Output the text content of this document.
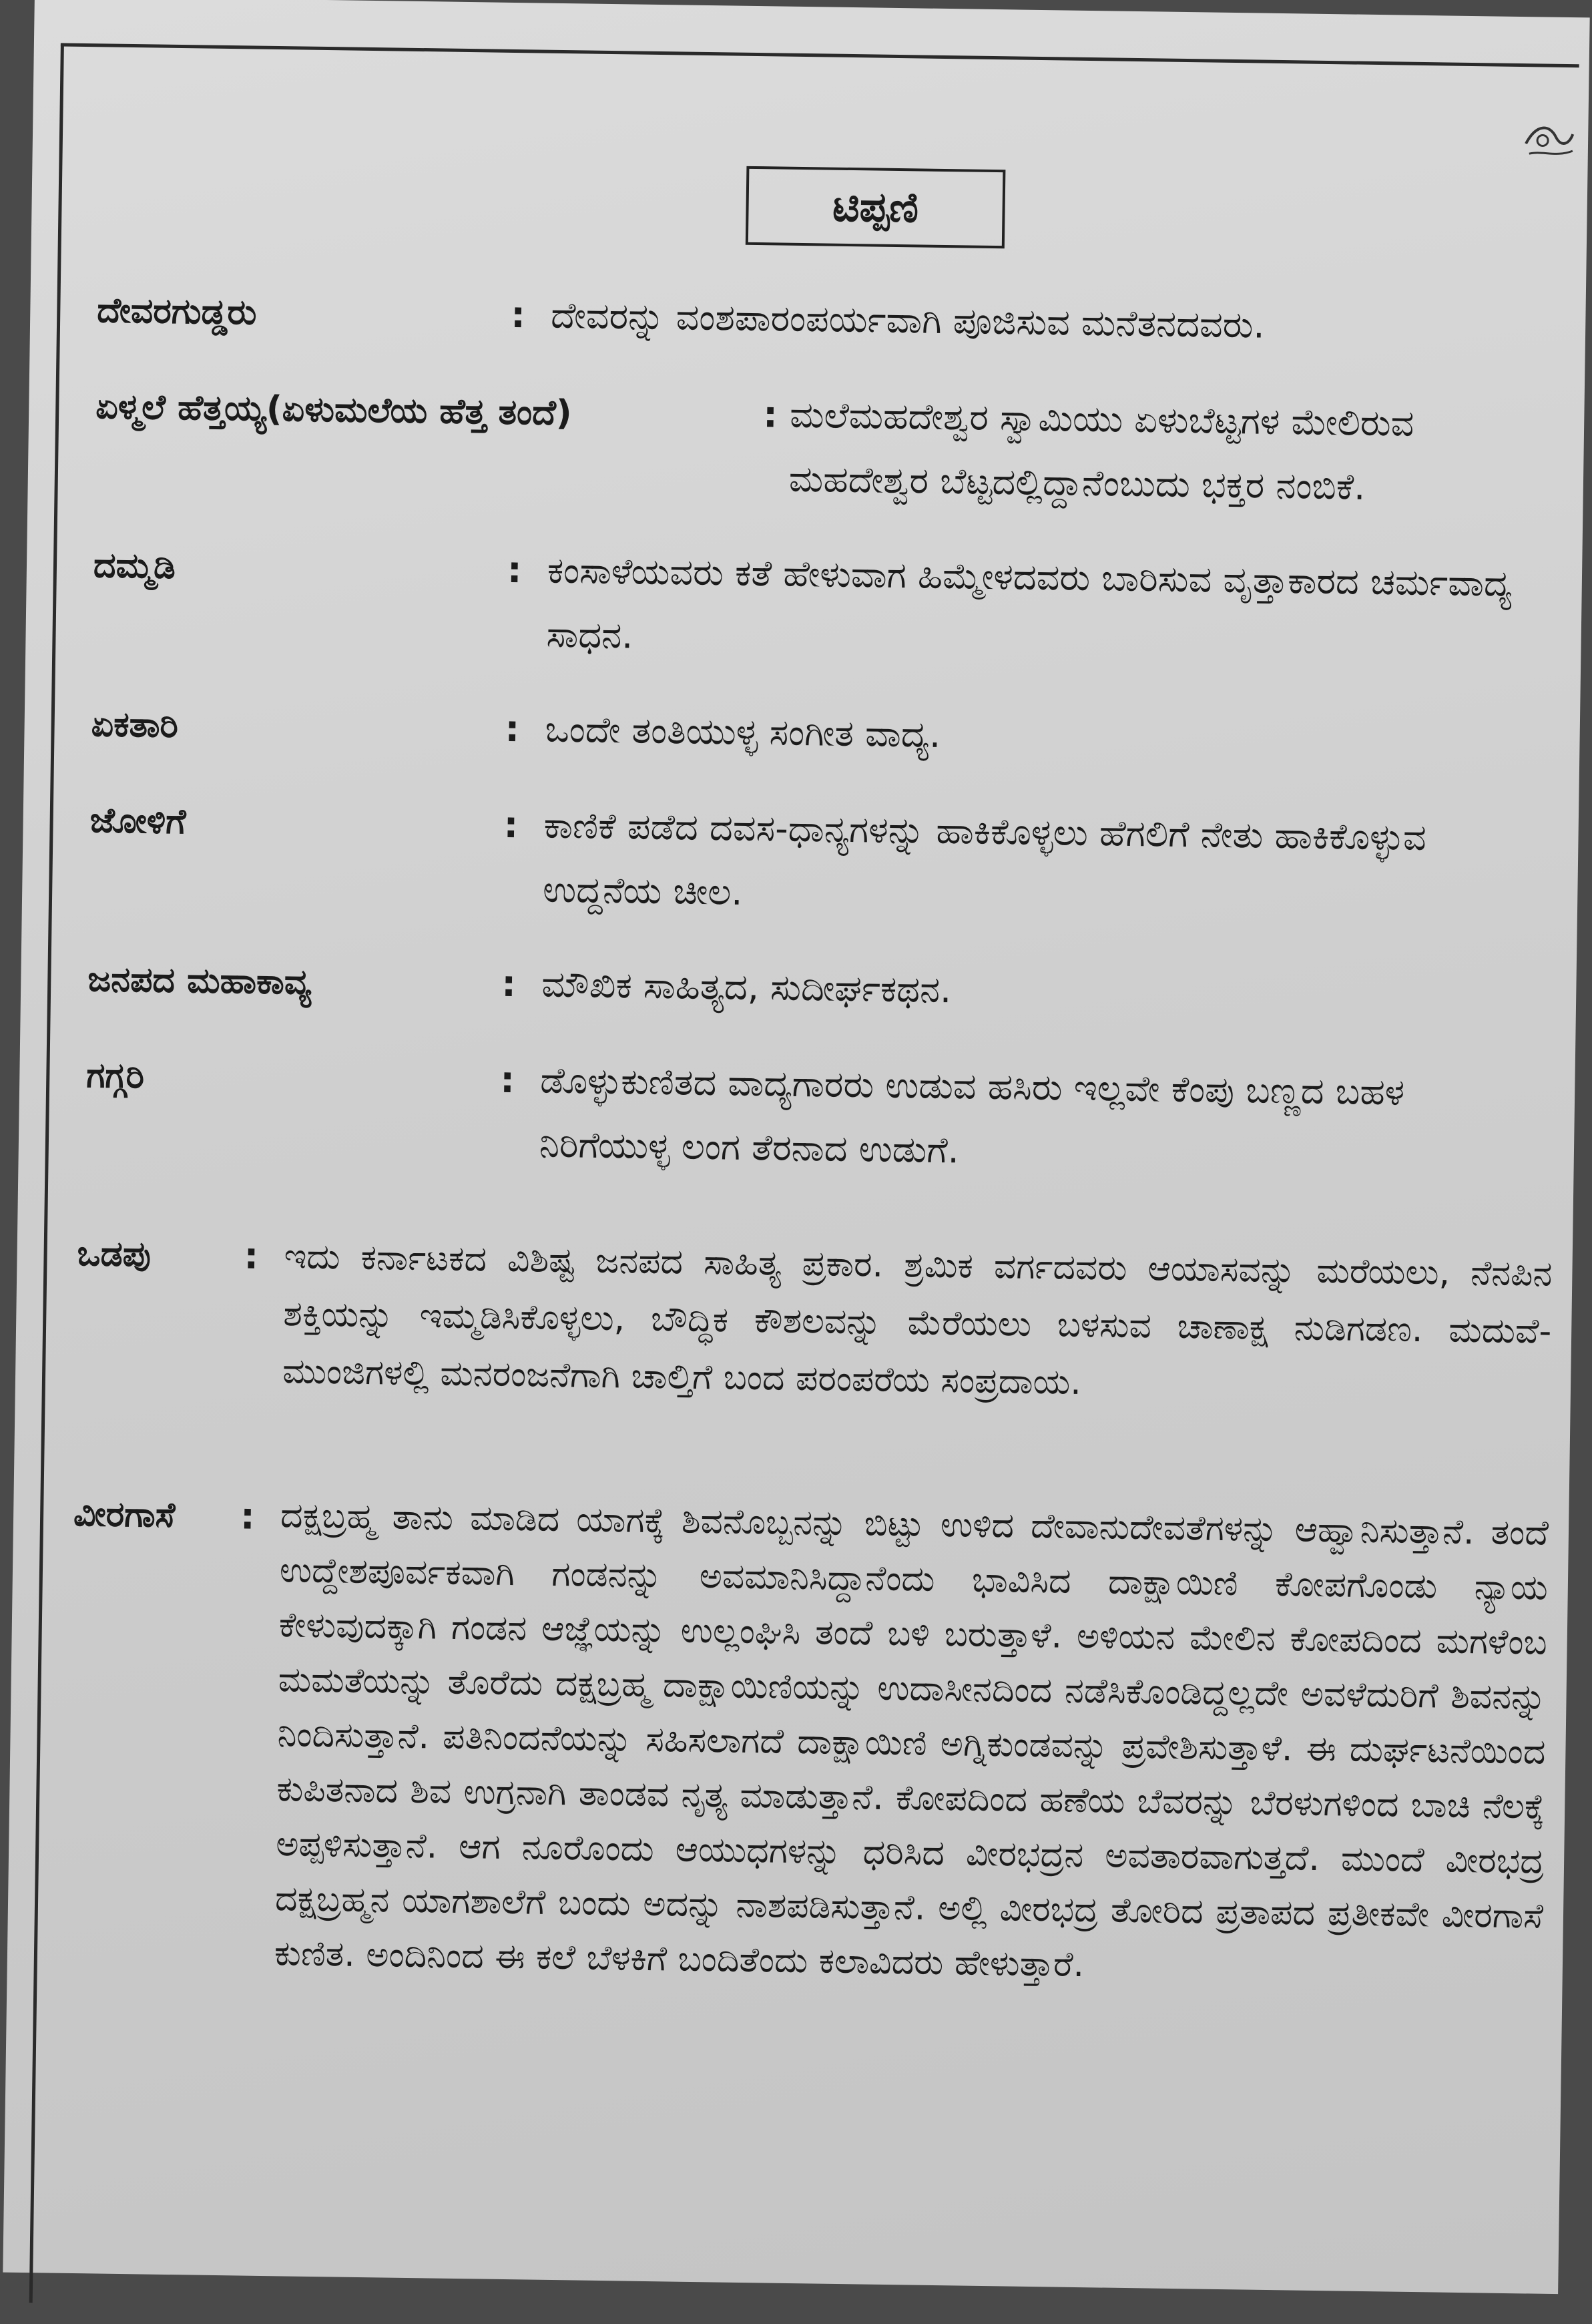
ಟಿಪ್ಪಣಿ
ದೇವರಗುಡ್ಡರು	: ದೇವರನ್ನು ವಂಶಪಾರಂಪರ್ಯವಾಗಿ ಪೂಜಿಸುವ ಮನೆತನದವರು.
ಏಳ್ಮಲೆ ಹೆತ್ತಯ್ಯ(ಏಳುಮಲೆಯ ಹೆತ್ತ ತಂದೆ)	: ಮಲೆಮಹದೇಶ್ವರ ಸ್ವಾಮಿಯು ಏಳುಬೆಟ್ಟಗಳ ಮೇಲಿರುವ ಮಹದೇಶ್ವರ ಬೆಟ್ಟದಲ್ಲಿದ್ದಾನೆಂಬುದು ಭಕ್ತರ ನಂಬಿಕೆ.
ದಮ್ಮಡಿ	: ಕಂಸಾಳೆಯವರು ಕತೆ ಹೇಳುವಾಗ ಹಿಮ್ಮೇಳದವರು ಬಾರಿಸುವ ವೃತ್ತಾಕಾರದ ಚರ್ಮವಾದ್ಯ ಸಾಧನ.
ಏಕತಾರಿ	: ಒಂದೇ ತಂತಿಯುಳ್ಳ ಸಂಗೀತ ವಾದ್ಯ.
ಜೋಳಿಗೆ	: ಕಾಣಿಕೆ ಪಡೆದ ದವಸ-ಧಾನ್ಯಗಳನ್ನು ಹಾಕಿಕೊಳ್ಳಲು ಹೆಗಲಿಗೆ ನೇತು ಹಾಕಿಕೊಳ್ಳುವ ಉದ್ದನೆಯ ಚೀಲ.
ಜನಪದ ಮಹಾಕಾವ್ಯ	: ಮೌಖಿಕ ಸಾಹಿತ್ಯದ, ಸುದೀರ್ಘಕಥನ.
ಗಗ್ಗರಿ	: ಡೊಳ್ಳುಕುಣಿತದ ವಾದ್ಯಗಾರರು ಉಡುವ ಹಸಿರು ಇಲ್ಲವೇ ಕೆಂಪು ಬಣ್ಣದ ಬಹಳ ನಿರಿಗೆಯುಳ್ಳ ಲಂಗ ತೆರನಾದ ಉಡುಗೆ.
ಒಡಪು	: ಇದು ಕರ್ನಾಟಕದ ವಿಶಿಷ್ಟ ಜನಪದ ಸಾಹಿತ್ಯ ಪ್ರಕಾರ. ಶ್ರಮಿಕ ವರ್ಗದವರು ಆಯಾಸವನ್ನು ಮರೆಯಲು, ನೆನಪಿನ ಶಕ್ತಿಯನ್ನು ಇಮ್ಮಡಿಸಿಕೊಳ್ಳಲು, ಬೌದ್ಧಿಕ ಕೌಶಲವನ್ನು ಮೆರೆಯಲು ಬಳಸುವ ಚಾಣಾಕ್ಷ ನುಡಿಗಡಣ. ಮದುವೆ-ಮುಂಜಿಗಳಲ್ಲಿ ಮನರಂಜನೆಗಾಗಿ ಚಾಲ್ತಿಗೆ ಬಂದ ಪರಂಪರೆಯ ಸಂಪ್ರದಾಯ.
ವೀರಗಾಸೆ	: ದಕ್ಷಬ್ರಹ್ಮ ತಾನು ಮಾಡಿದ ಯಾಗಕ್ಕೆ ಶಿವನೊಬ್ಬನನ್ನು ಬಿಟ್ಟು ಉಳಿದ ದೇವಾನುದೇವತೆಗಳನ್ನು ಆಹ್ವಾನಿಸುತ್ತಾನೆ. ತಂದೆ ಉದ್ದೇಶಪೂರ್ವಕವಾಗಿ ಗಂಡನನ್ನು ಅವಮಾನಿಸಿದ್ದಾನೆಂದು ಭಾವಿಸಿದ ದಾಕ್ಷಾಯಿಣಿ ಕೋಪಗೊಂಡು ನ್ಯಾಯ ಕೇಳುವುದಕ್ಕಾಗಿ ಗಂಡನ ಆಜ್ಞೆಯನ್ನು ಉಲ್ಲಂಘಿಸಿ ತಂದೆ ಬಳಿ ಬರುತ್ತಾಳೆ. ಅಳಿಯನ ಮೇಲಿನ ಕೋಪದಿಂದ ಮಗಳೆಂಬ ಮಮತೆಯನ್ನು ತೊರೆದು ದಕ್ಷಬ್ರಹ್ಮ ದಾಕ್ಷಾಯಿಣಿಯನ್ನು ಉದಾಸೀನದಿಂದ ನಡೆಸಿಕೊಂಡಿದ್ದಲ್ಲದೇ ಅವಳೆದುರಿಗೆ ಶಿವನನ್ನು ನಿಂದಿಸುತ್ತಾನೆ. ಪತಿನಿಂದನೆಯನ್ನು ಸಹಿಸಲಾಗದೆ ದಾಕ್ಷಾಯಿಣಿ ಅಗ್ನಿಕುಂಡವನ್ನು ಪ್ರವೇಶಿಸುತ್ತಾಳೆ. ಈ ದುರ್ಘಟನೆಯಿಂದ ಕುಪಿತನಾದ ಶಿವ ಉಗ್ರನಾಗಿ ತಾಂಡವ ನೃತ್ಯ ಮಾಡುತ್ತಾನೆ. ಕೋಪದಿಂದ ಹಣೆಯ ಬೆವರನ್ನು ಬೆರಳುಗಳಿಂದ ಬಾಚಿ ನೆಲಕ್ಕೆ ಅಪ್ಪಳಿಸುತ್ತಾನೆ. ಆಗ ನೂರೊಂದು ಆಯುಧಗಳನ್ನು ಧರಿಸಿದ ವೀರಭದ್ರನ ಅವತಾರವಾಗುತ್ತದೆ. ಮುಂದೆ ವೀರಭದ್ರ ದಕ್ಷಬ್ರಹ್ಮನ ಯಾಗಶಾಲೆಗೆ ಬಂದು ಅದನ್ನು ನಾಶಪಡಿಸುತ್ತಾನೆ. ಅಲ್ಲಿ ವೀರಭದ್ರ ತೋರಿದ ಪ್ರತಾಪದ ಪ್ರತೀಕವೇ ವೀರಗಾಸೆ ಕುಣಿತ. ಅಂದಿನಿಂದ ಈ ಕಲೆ ಬೆಳಕಿಗೆ ಬಂದಿತೆಂದು ಕಲಾವಿದರು ಹೇಳುತ್ತಾರೆ.
